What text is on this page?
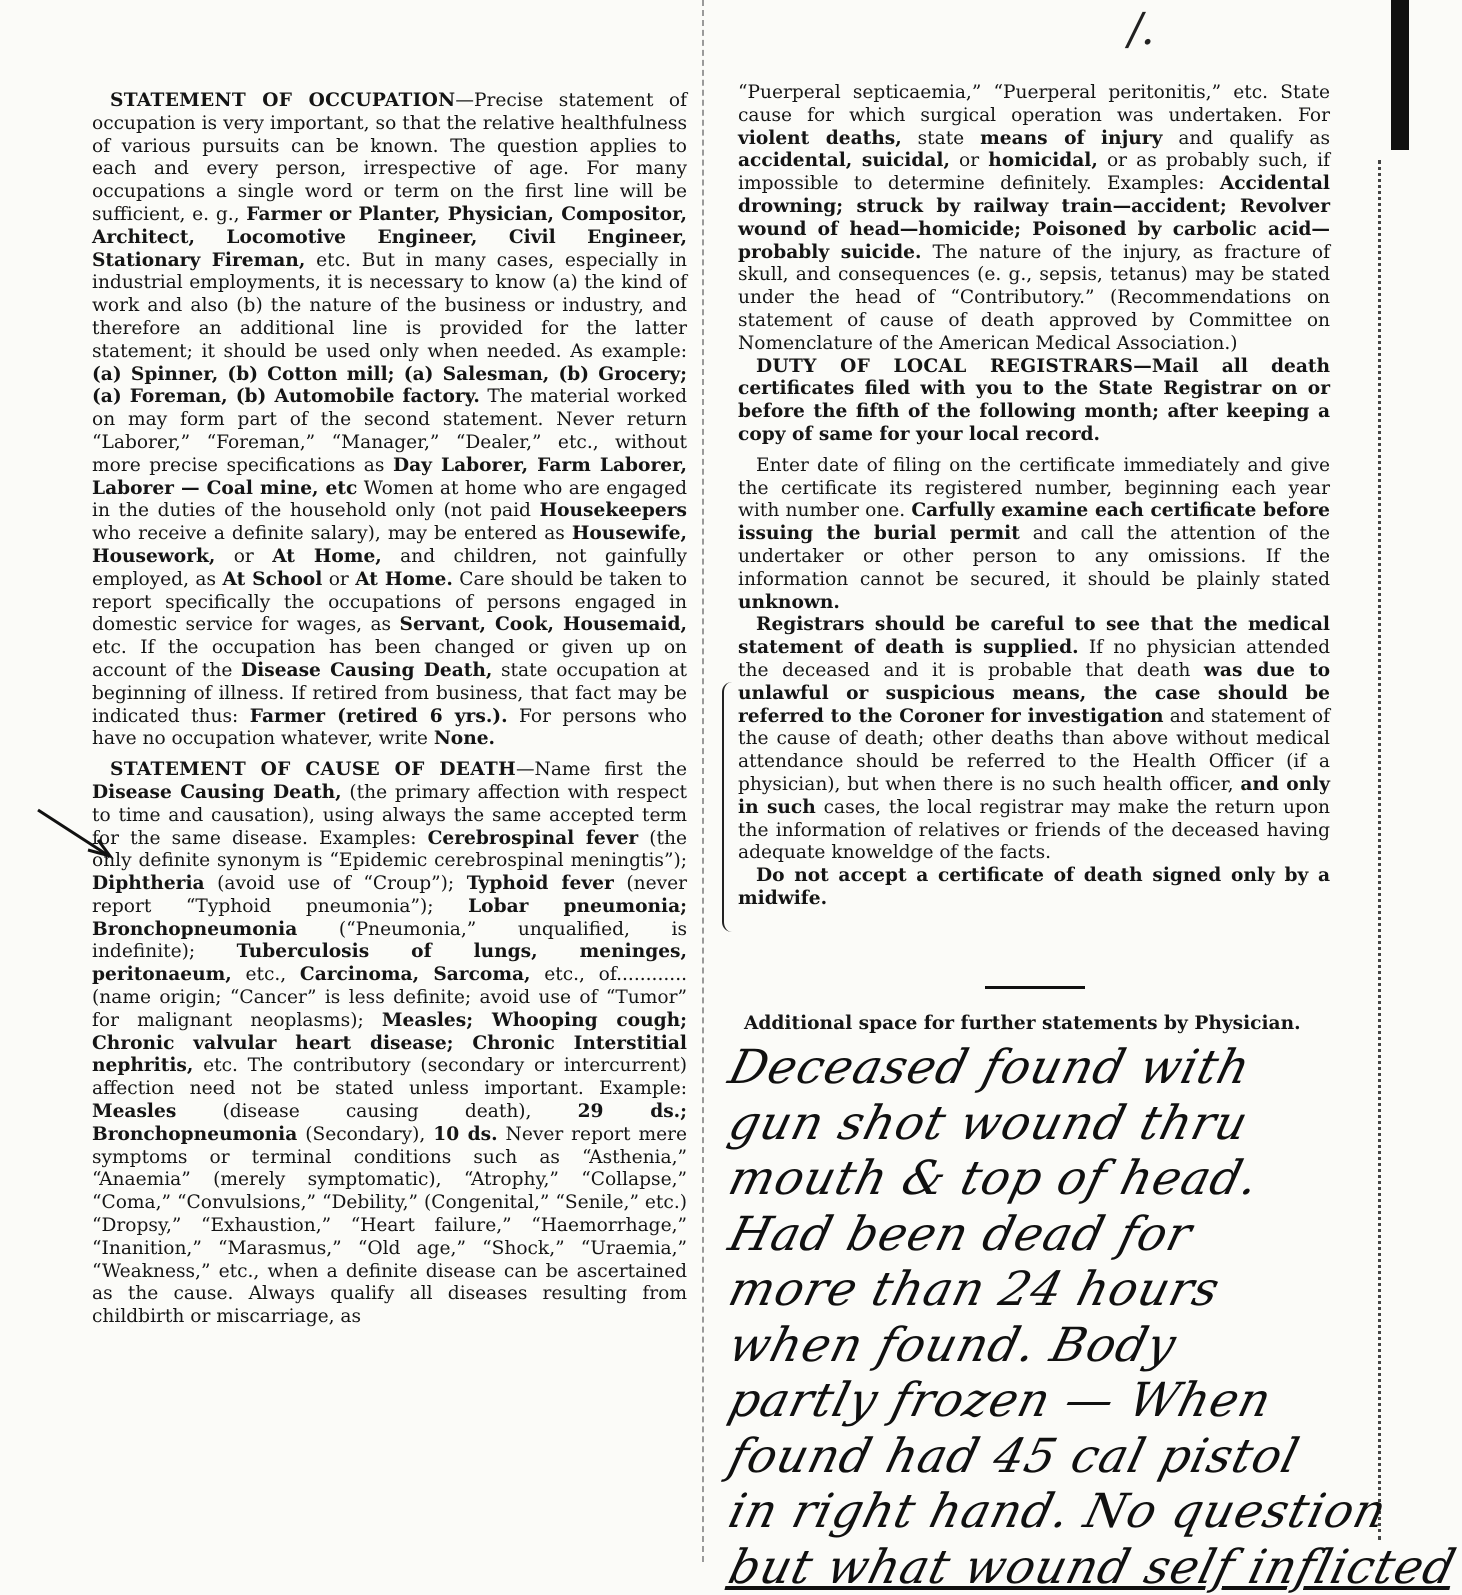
/.

STATEMENT OF OCCUPATION—Precise statement of occupation is very important, so that the relative healthfulness of various pursuits can be known. The question applies to each and every person, irrespective of age. For many occupations a single word or term on the first line will be sufficient, e. g., Farmer or Planter, Physician, Compositor, Architect, Locomotive Engineer, Civil Engineer, Stationary Fireman, etc. But in many cases, especially in industrial employments, it is necessary to know (a) the kind of work and also (b) the nature of the business or industry, and therefore an additional line is provided for the latter statement; it should be used only when needed. As example: (a) Spinner, (b) Cotton mill; (a) Salesman, (b) Grocery; (a) Foreman, (b) Automobile factory. The material worked on may form part of the second statement. Never return “Laborer,” “Foreman,” “Manager,” “Dealer,” etc., without more precise specifications as Day Laborer, Farm Laborer, Laborer — Coal mine, etc Women at home who are engaged in the duties of the household only (not paid Housekeepers who receive a definite salary), may be entered as Housewife, Housework, or At Home, and children, not gainfully employed, as At School or At Home. Care should be taken to report specifically the occupations of persons engaged in domestic service for wages, as Servant, Cook, Housemaid, etc. If the occupation has been changed or given up on account of the Disease Causing Death, state occupation at beginning of illness. If retired from business, that fact may be indicated thus: Farmer (retired 6 yrs.). For persons who have no occupation whatever, write None.

STATEMENT OF CAUSE OF DEATH—Name first the Disease Causing Death, (the primary affection with respect to time and causation), using always the same accepted term for the same disease. Examples: Cerebrospinal fever (the only definite synonym is “Epidemic cerebrospinal meningtis”); Diphtheria (avoid use of “Croup”); Typhoid fever (never report “Typhoid pneumonia”); Lobar pneumonia; Bronchopneumonia (“Pneumonia,” unqualified, is indefinite); Tuberculosis of lungs, meninges, peritonaeum, etc., Carcinoma, Sarcoma, etc., of............ (name origin; “Cancer” is less definite; avoid use of “Tumor” for malignant neoplasms); Measles; Whooping cough; Chronic valvular heart disease; Chronic Interstitial nephritis, etc. The contributory (secondary or intercurrent) affection need not be stated unless important. Example: Measles (disease causing death), 29 ds.; Bronchopneumonia (Secondary), 10 ds. Never report mere symptoms or terminal conditions such as “Asthenia,” “Anaemia” (merely symptomatic), “Atrophy,” “Collapse,” “Coma,” “Convulsions,” “Debility,” (Congenital,” “Senile,” etc.) “Dropsy,” “Exhaustion,” “Heart failure,” “Haemorrhage,” “Inanition,” “Marasmus,” “Old age,” “Shock,” “Uraemia,” “Weakness,” etc., when a definite disease can be ascertained as the cause. Always qualify all diseases resulting from childbirth or miscarriage, as

“Puerperal septicaemia,” “Puerperal peritonitis,” etc. State cause for which surgical operation was undertaken. For violent deaths, state means of injury and qualify as accidental, suicidal, or homicidal, or as probably such, if impossible to determine definitely. Examples: Accidental drowning; struck by railway train—accident; Revolver wound of head—homicide; Poisoned by carbolic acid—probably suicide. The nature of the injury, as fracture of skull, and consequences (e. g., sepsis, tetanus) may be stated under the head of “Contributory.” (Recommendations on statement of cause of death approved by Committee on Nomenclature of the American Medical Association.)

DUTY OF LOCAL REGISTRARS—Mail all death certificates filed with you to the State Registrar on or before the fifth of the following month; after keeping a copy of same for your local record.

Enter date of filing on the certificate immediately and give the certificate its registered number, beginning each year with number one. Carfully examine each certificate before issuing the burial permit and call the attention of the undertaker or other person to any omissions. If the information cannot be secured, it should be plainly stated unknown.

Registrars should be careful to see that the medical statement of death is supplied. If no physician attended the deceased and it is probable that death was due to unlawful or suspicious means, the case should be referred to the Coroner for investigation and statement of the cause of death; other deaths than above without medical attendance should be referred to the Health Officer (if a physician), but when there is no such health officer, and only in such cases, the local registrar may make the return upon the information of relatives or friends of the deceased having adequate knoweldge of the facts.

Do not accept a certificate of death signed only by a midwife.

Additional space for further statements by Physician.
Deceased found with
gun shot wound thru
mouth & top of head.
Had been dead for
more than 24 hours
when found. Body
partly frozen — When
found had 45 cal pistol
in right hand. No question
but what wound self inflicted
